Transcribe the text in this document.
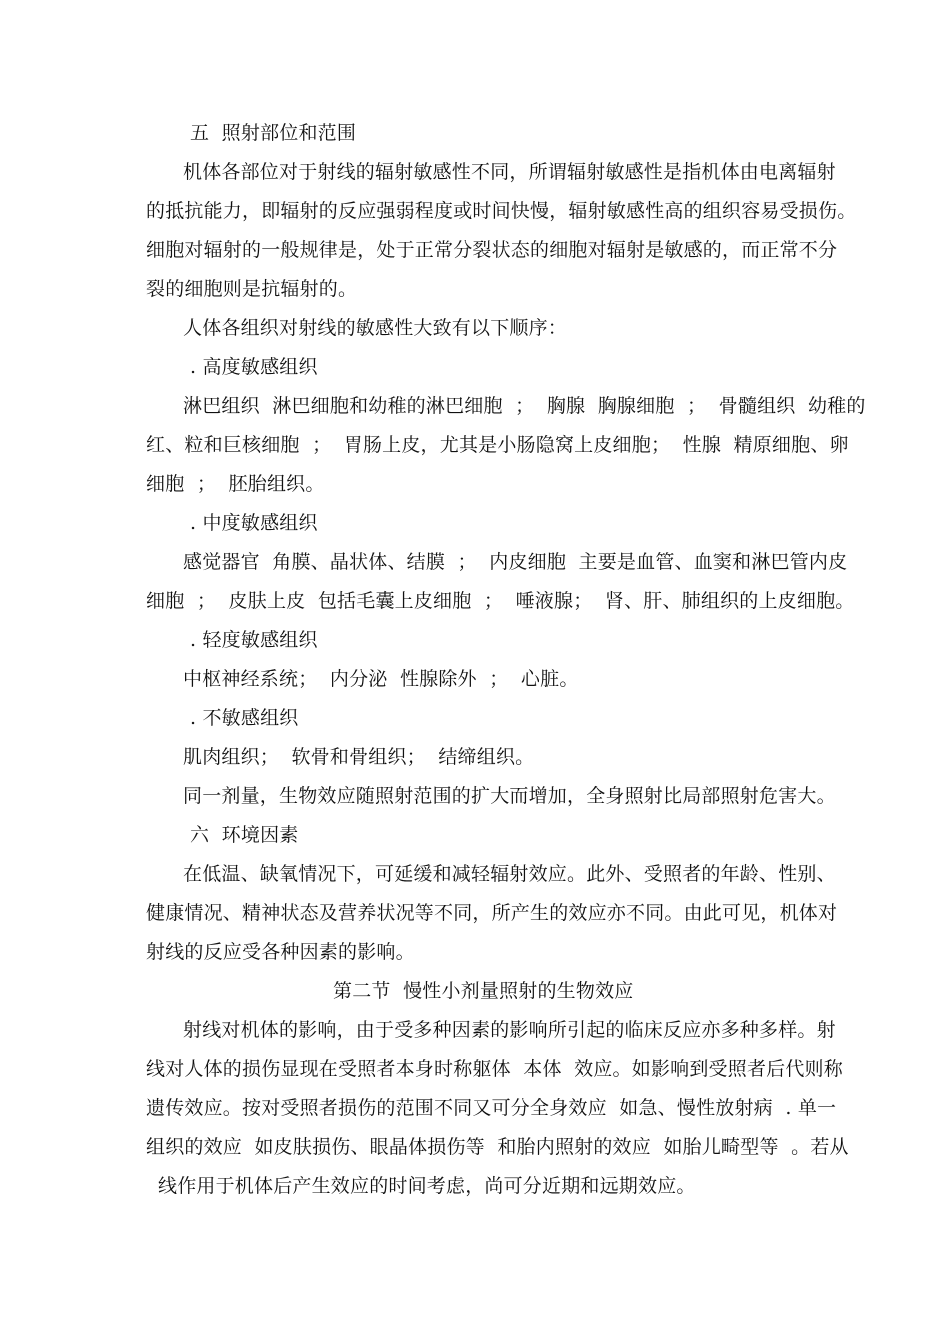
五  照射部位和范围
机体各部位对于射线的辐射敏感性不同，所谓辐射敏感性是指机体由电离辐射
的抵抗能力，即辐射的反应强弱程度或时间快慢，辐射敏感性高的组织容易受损伤。
细胞对辐射的一般规律是，处于正常分裂状态的细胞对辐射是敏感的，而正常不分
裂的细胞则是抗辐射的。
人体各组织对射线的敏感性大致有以下顺序：
. 高度敏感组织
淋巴组织  淋巴细胞和幼稚的淋巴细胞  ；  胸腺  胸腺细胞  ；  骨髓组织  幼稚的
红、粒和巨核细胞  ；  胃肠上皮，尤其是小肠隐窝上皮细胞；  性腺  精原细胞、卵
细胞  ；  胚胎组织。
. 中度敏感组织
感觉器官  角膜、晶状体、结膜  ；  内皮细胞  主要是血管、血窦和淋巴管内皮
细胞  ；  皮肤上皮  包括毛囊上皮细胞  ；  唾液腺；  肾、肝、肺组织的上皮细胞。
. 轻度敏感组织
中枢神经系统；  内分泌  性腺除外  ；  心脏。
. 不敏感组织
肌肉组织；  软骨和骨组织；  结缔组织。
同一剂量，生物效应随照射范围的扩大而增加，全身照射比局部照射危害大。
六  环境因素
在低温、缺氧情况下，可延缓和减轻辐射效应。此外、受照者的年龄、性别、
健康情况、精神状态及营养状况等不同，所产生的效应亦不同。由此可见，机体对
射线的反应受各种因素的影响。
第二节  慢性小剂量照射的生物效应
射线对机体的影响，由于受多种因素的影响所引起的临床反应亦多种多样。射
线对人体的损伤显现在受照者本身时称躯体  本体  效应。如影响到受照者后代则称
遗传效应。按对受照者损伤的范围不同又可分全身效应  如急、慢性放射病  . 单一
组织的效应  如皮肤损伤、眼晶体损伤等  和胎内照射的效应  如胎儿畸型等  。若从
线作用于机体后产生效应的时间考虑，尚可分近期和远期效应。
